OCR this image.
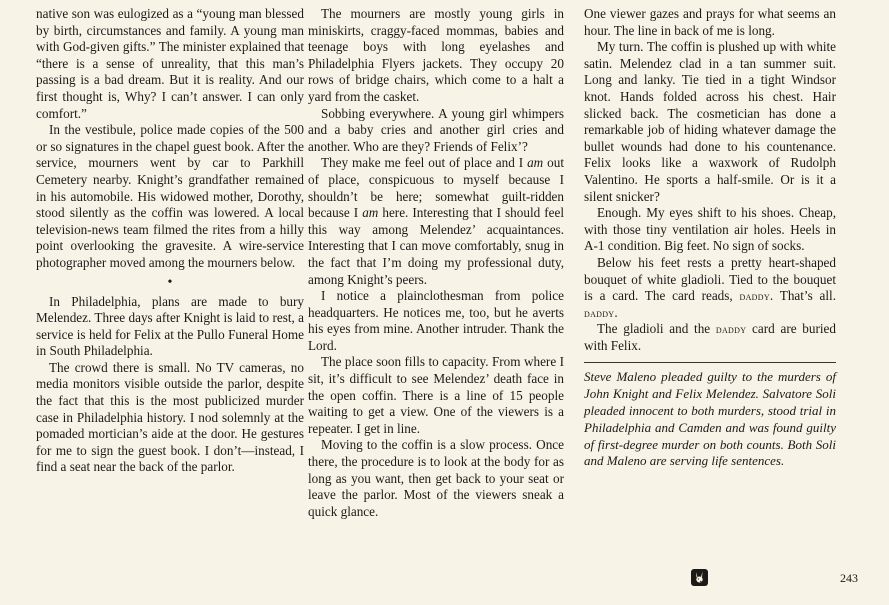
native son was eulogized as a “young man blessed by birth, circumstances and family. A young man with God-given gifts.” The minister explained that “there is a sense of unreality, that this man’s passing is a bad dream. But it is reality. And our first thought is, Why? I can’t answer. I can only comfort.”

In the vestibule, police made copies of the 500 or so signatures in the chapel guest book. After the service, mourners went by car to Parkhill Cemetery nearby. Knight’s grandfather remained in his automobile. His widowed mother, Dorothy, stood silently as the coffin was lowered. A local television-news team filmed the rites from a hilly point overlooking the gravesite. A wire-service photographer moved among the mourners below.

•

In Philadelphia, plans are made to bury Melendez. Three days after Knight is laid to rest, a service is held for Felix at the Pullo Funeral Home in South Philadelphia.

The crowd there is small. No TV cameras, no media monitors visible outside the parlor, despite the fact that this is the most publicized murder case in Philadelphia history. I nod solemnly at the pomaded mortician’s aide at the door. He gestures for me to sign the guest book. I don’t—instead, I find a seat near the back of the parlor.

The mourners are mostly young girls in miniskirts, craggy-faced mommas, babies and teenage boys with long eyelashes and Philadelphia Flyers jackets. They occupy 20 rows of bridge chairs, which come to a halt a yard from the casket.

Sobbing everywhere. A young girl whimpers and a baby cries and another girl cries and another. Who are they? Friends of Felix’?

They make me feel out of place and I am out of place, conspicuous to myself because I shouldn’t be here; somewhat guilt-ridden because I am here. Interesting that I should feel this way among Melendez’ acquaintances. Interesting that I can move comfortably, snug in the fact that I’m doing my professional duty, among Knight’s peers.

I notice a plainclothesman from police headquarters. He notices me, too, but he averts his eyes from mine. Another intruder. Thank the Lord.

The place soon fills to capacity. From where I sit, it’s difficult to see Melendez’ death face in the open coffin. There is a line of 15 people waiting to get a view. One of the viewers is a repeater. I get in line.

Moving to the coffin is a slow process. Once there, the procedure is to look at the body for as long as you want, then get back to your seat or leave the parlor. Most of the viewers sneak a quick glance.

One viewer gazes and prays for what seems an hour. The line in back of me is long.

My turn. The coffin is plushed up with white satin. Melendez clad in a tan summer suit. Long and lanky. Tie tied in a tight Windsor knot. Hands folded across his chest. Hair slicked back. The cosmetician has done a remarkable job of hiding whatever damage the bullet wounds had done to his countenance. Felix looks like a waxwork of Rudolph Valentino. He sports a half-smile. Or is it a silent snicker?

Enough. My eyes shift to his shoes. Cheap, with those tiny ventilation air holes. Heels in A-1 condition. Big feet. No sign of socks.

Below his feet rests a pretty heart-shaped bouquet of white gladioli. Tied to the bouquet is a card. The card reads, daddy. That’s all. daddy.

The gladioli and the daddy card are buried with Felix.

Steve Maleno pleaded guilty to the murders of John Knight and Felix Melendez. Salvatore Soli pleaded innocent to both murders, stood trial in Philadelphia and Camden and was found guilty of first-degree murder on both counts. Both Soli and Maleno are serving life sentences.

243
